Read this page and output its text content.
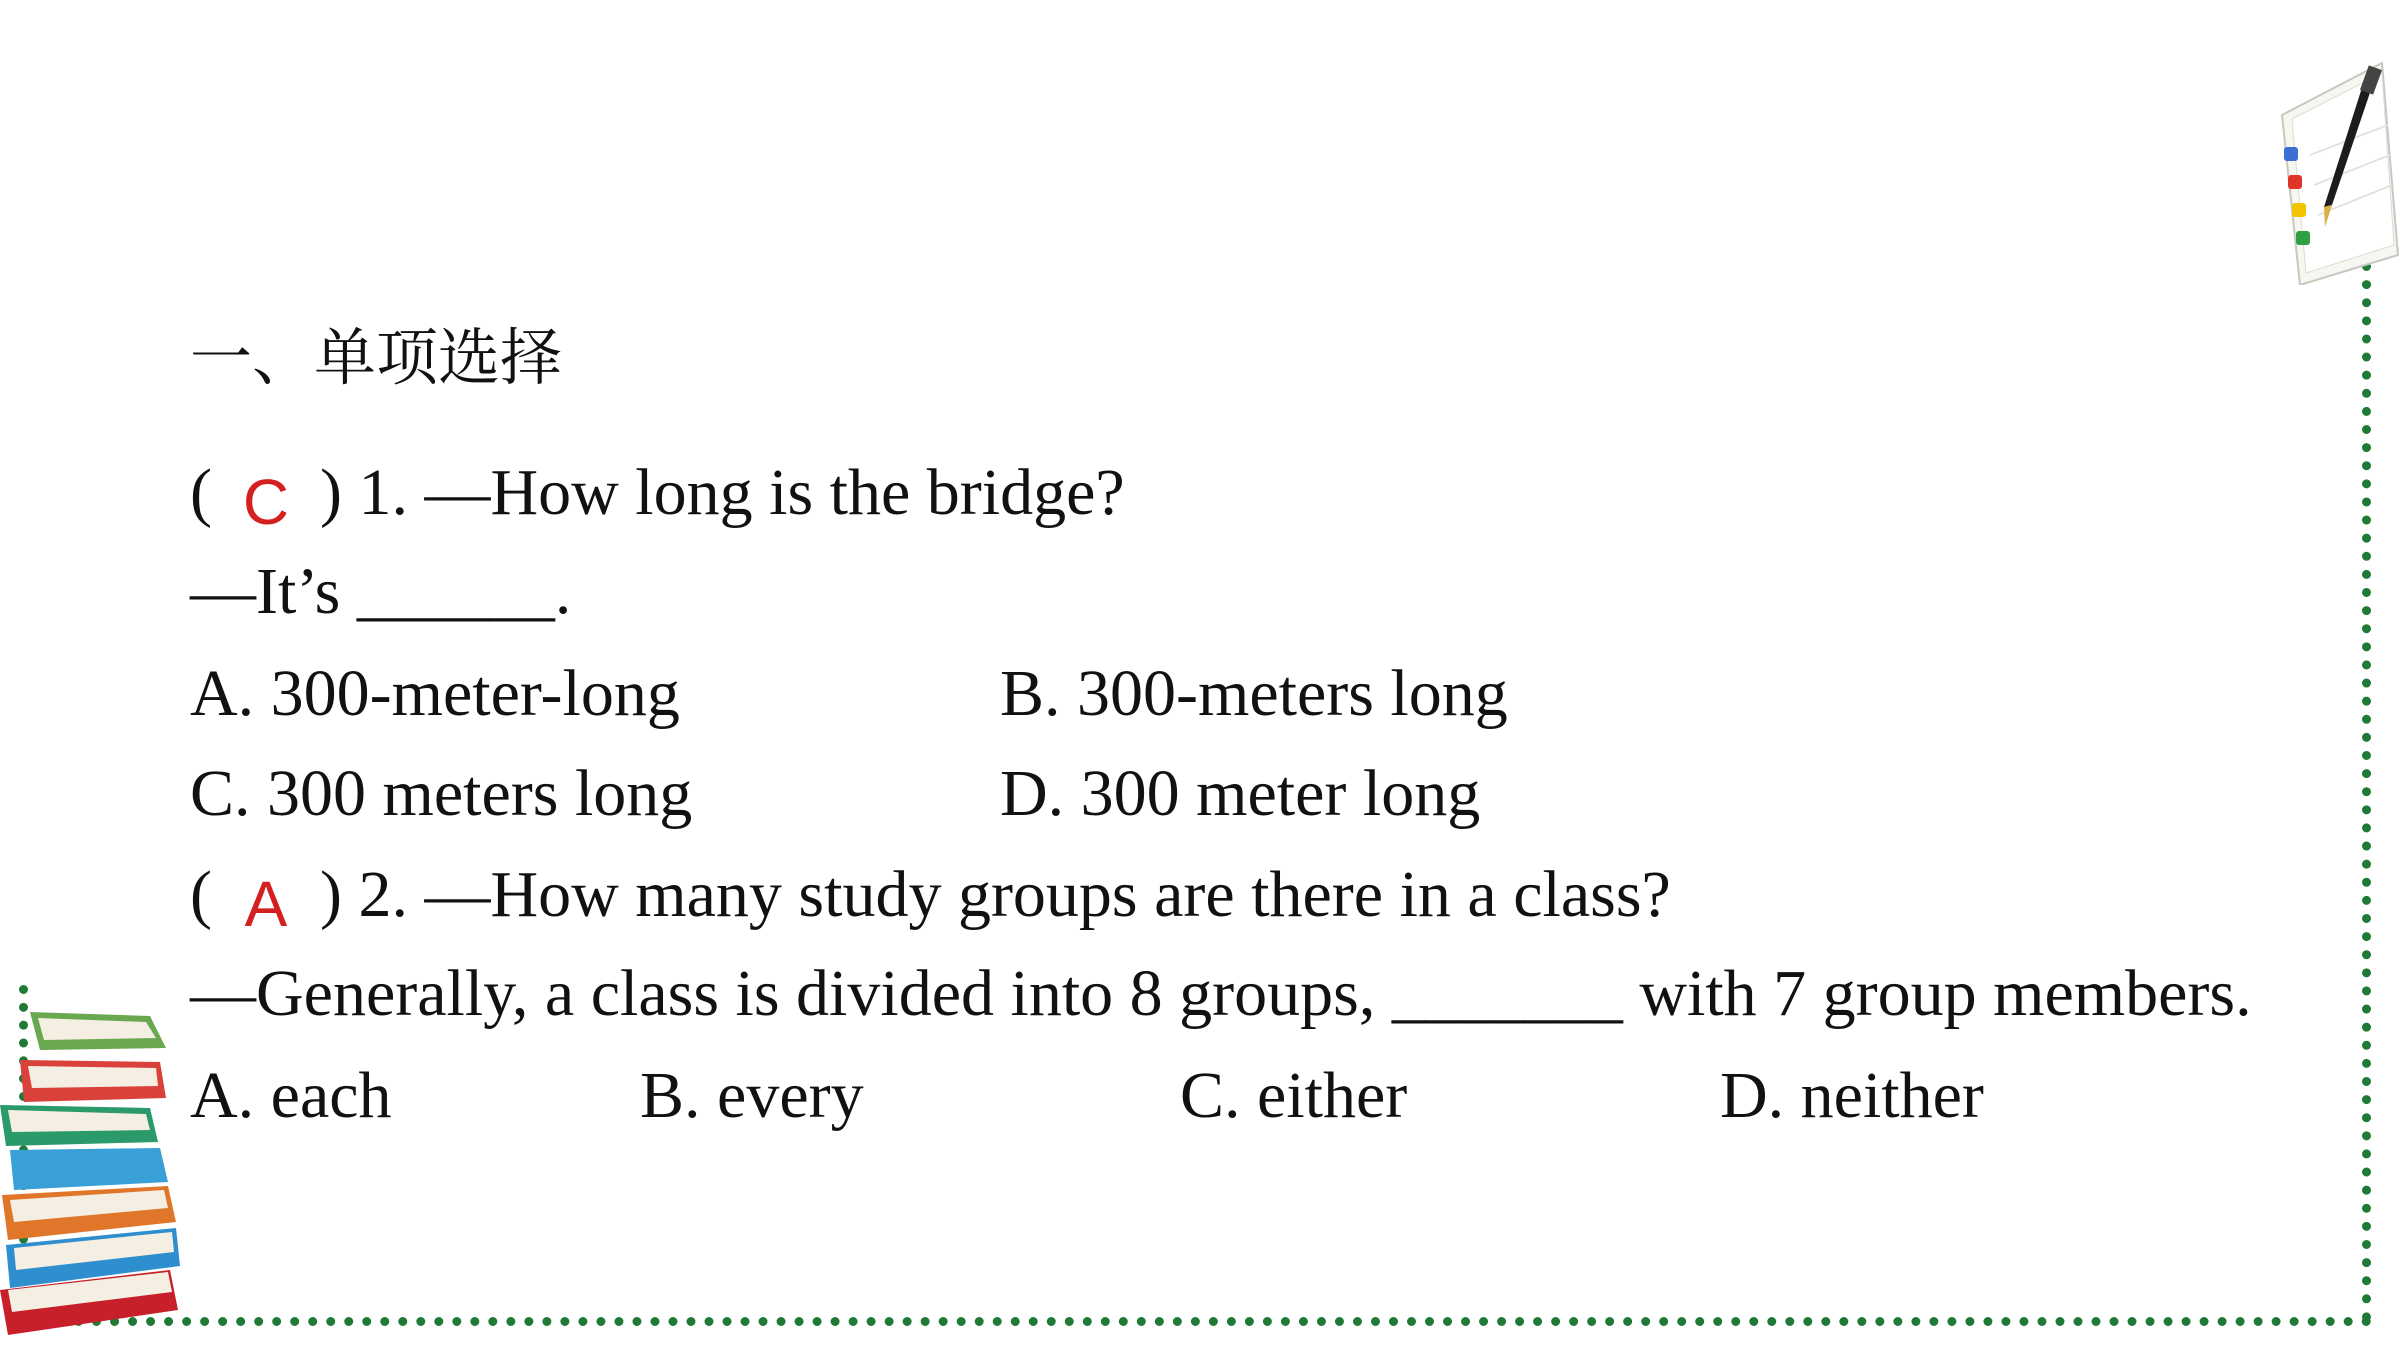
一、单项选择
( C ) 1. —How long is the bridge?
—It’s ______.
A. 300-meter-long	B. 300-meters long
C. 300 meters long	D. 300 meter long
( A ) 2. —How many study groups are there in a class?
—Generally, a class is divided into 8 groups, _______ with 7 group members.
A. each	B. every	C. either	D. neither
